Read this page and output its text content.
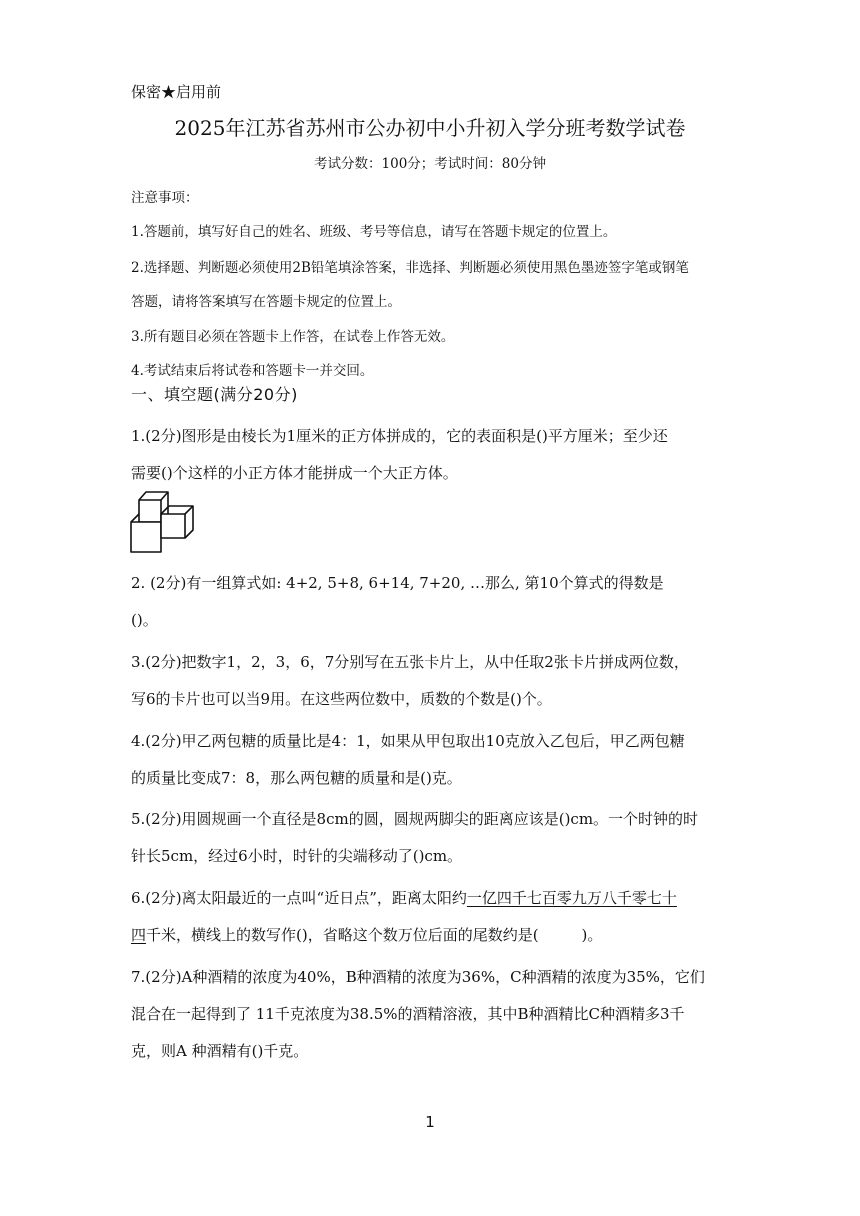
保密★启用前
2025年江苏省苏州市公办初中小升初入学分班考数学试卷
考试分数：100分；考试时间：80分钟
注意事项：
1.答题前，填写好自己的姓名、班级、考号等信息，请写在答题卡规定的位置上。
2.选择题、判断题必须使用2B铅笔填涂答案，非选择、判断题必须使用黑色墨迹签字笔或钢笔
答题，请将答案填写在答题卡规定的位置上。
3.所有题目必须在答题卡上作答，在试卷上作答无效。
4.考试结束后将试卷和答题卡一并交回。
一、填空题(满分20分)
1.(2分)图形是由棱长为1厘米的正方体拼成的，它的表面积是()平方厘米；至少还
需要()个这样的小正方体才能拼成一个大正方体。
2. (2分)有一组算式如: 4+2, 5+8, 6+14, 7+20, …那么, 第10个算式的得数是
()。
3.(2分)把数字1，2，3，6，7分别写在五张卡片上，从中任取2张卡片拼成两位数，
写6的卡片也可以当9用。在这些两位数中，质数的个数是()个。
4.(2分)甲乙两包糖的质量比是4：1，如果从甲包取出10克放入乙包后，甲乙两包糖
的质量比变成7：8，那么两包糖的质量和是()克。
5.(2分)用圆规画一个直径是8cm的圆，圆规两脚尖的距离应该是()cm。一个时钟的时
针长5cm，经过6小时，时针的尖端移动了()cm。
6.(2分)离太阳最近的一点叫“近日点”，距离太阳约一亿四千七百零九万八千零七十
四千米，横线上的数写作()，省略这个数万位后面的尾数约是(         )。
7.(2分)A种酒精的浓度为40%，B种酒精的浓度为36%，C种酒精的浓度为35%，它们
混合在一起得到了 11千克浓度为38.5%的酒精溶液，其中B种酒精比C种酒精多3千
克，则A 种酒精有()千克。
1
